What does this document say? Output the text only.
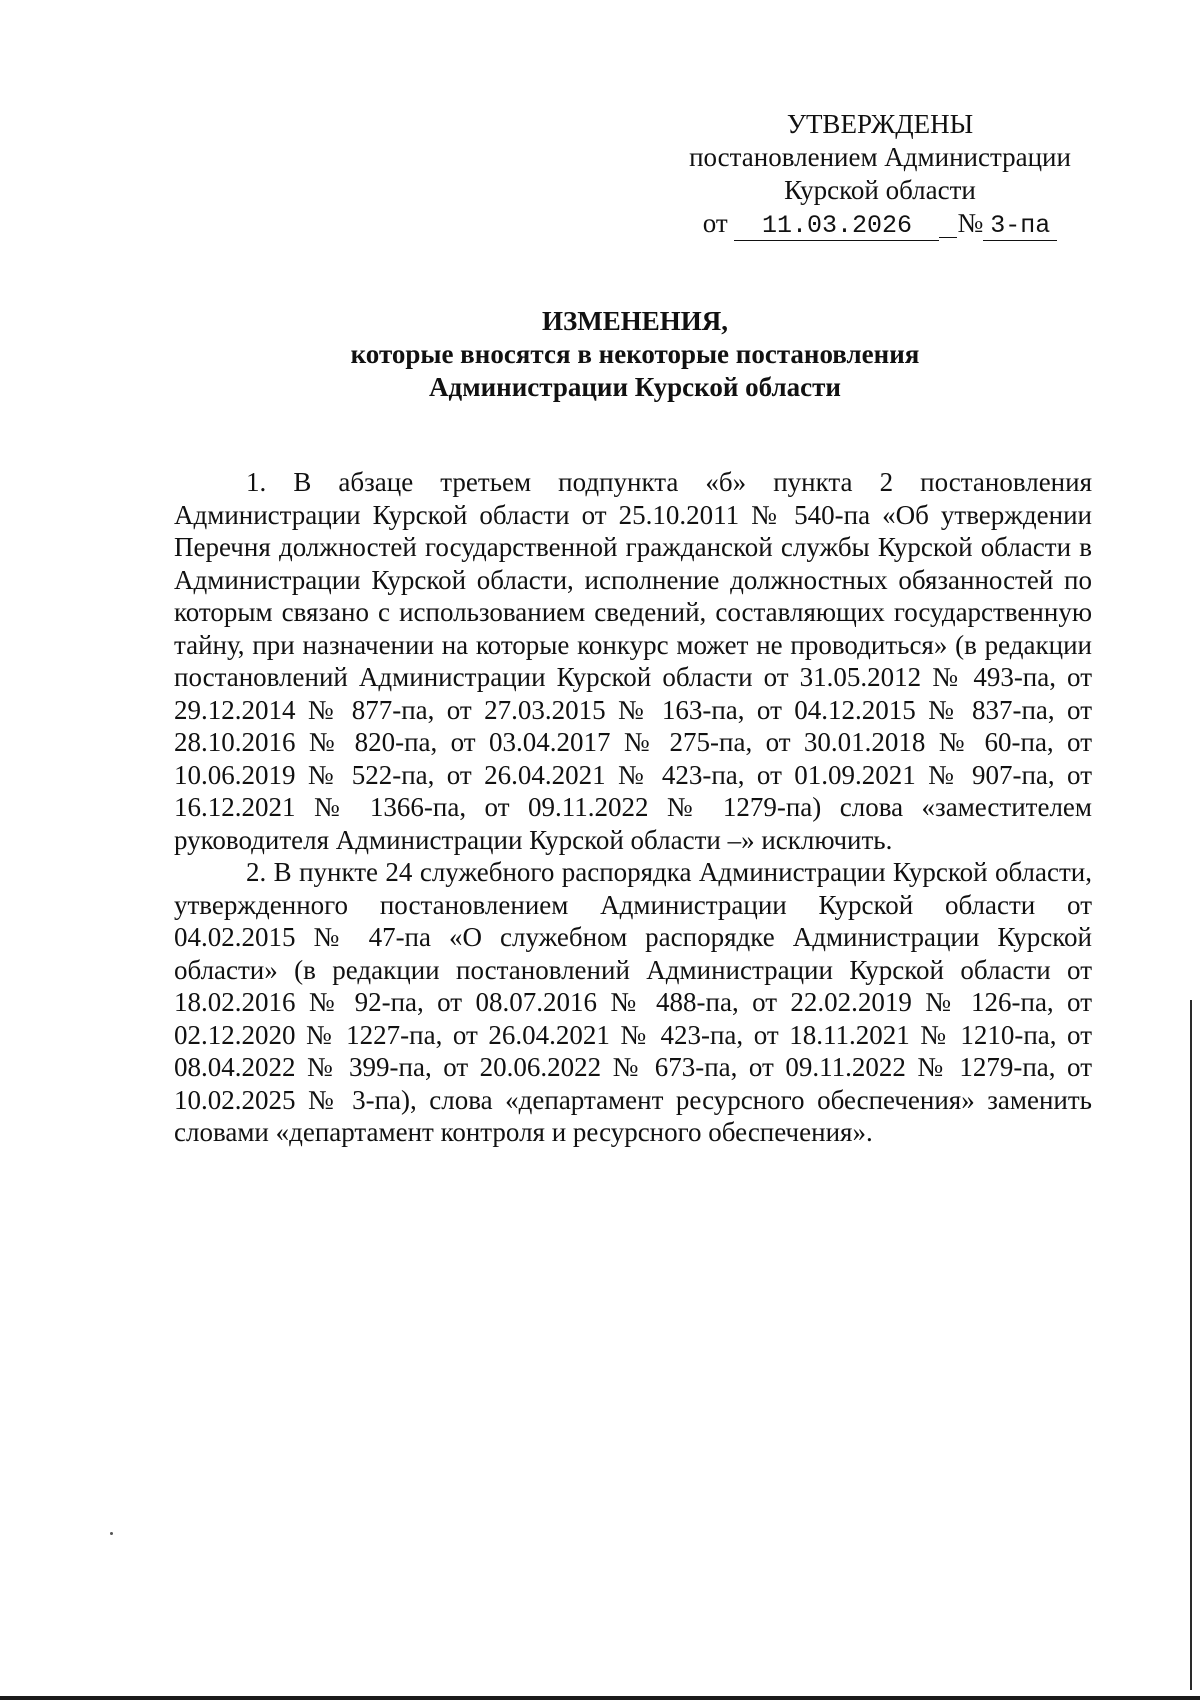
УТВЕРЖДЕНЫ
постановлением Администрации
Курской области
от 11.03.2026 № 3-па
ИЗМЕНЕНИЯ,
которые вносятся в некоторые постановления
Администрации Курской области

1. В абзаце третьем подпункта «б» пункта 2 постановления Администрации Курской области от 25.10.2011 № 540-па «Об утверждении Перечня должностей государственной гражданской службы Курской области в Администрации Курской области, исполнение должностных обязанностей по которым связано с использованием сведений, составляющих государственную тайну, при назначении на которые конкурс может не проводиться» (в редакции постановлений Администрации Курской области от 31.05.2012 № 493-па, от 29.12.2014 № 877-па, от 27.03.2015 № 163-па, от 04.12.2015 № 837-па, от 28.10.2016 № 820-па, от 03.04.2017 № 275-па, от 30.01.2018 № 60-па, от 10.06.2019 № 522-па, от 26.04.2021 № 423-па, от 01.09.2021 № 907-па, от 16.12.2021 № 1366-па, от 09.11.2022 № 1279-па) слова «заместителем руководителя Администрации Курской области –» исключить.

2. В пункте 24 служебного распорядка Администрации Курской области, утвержденного постановлением Администрации Курской области от 04.02.2015 № 47-па «О служебном распорядке Администрации Курской области» (в редакции постановлений Администрации Курской области от 18.02.2016 № 92-па, от 08.07.2016 № 488-па, от 22.02.2019 № 126-па, от 02.12.2020 № 1227-па, от 26.04.2021 № 423-па, от 18.11.2021 № 1210-па, от 08.04.2022 № 399-па, от 20.06.2022 № 673-па, от 09.11.2022 № 1279-па, от 10.02.2025 № 3-па), слова «департамент ресурсного обеспечения» заменить словами «департамент контроля и ресурсного обеспечения».
